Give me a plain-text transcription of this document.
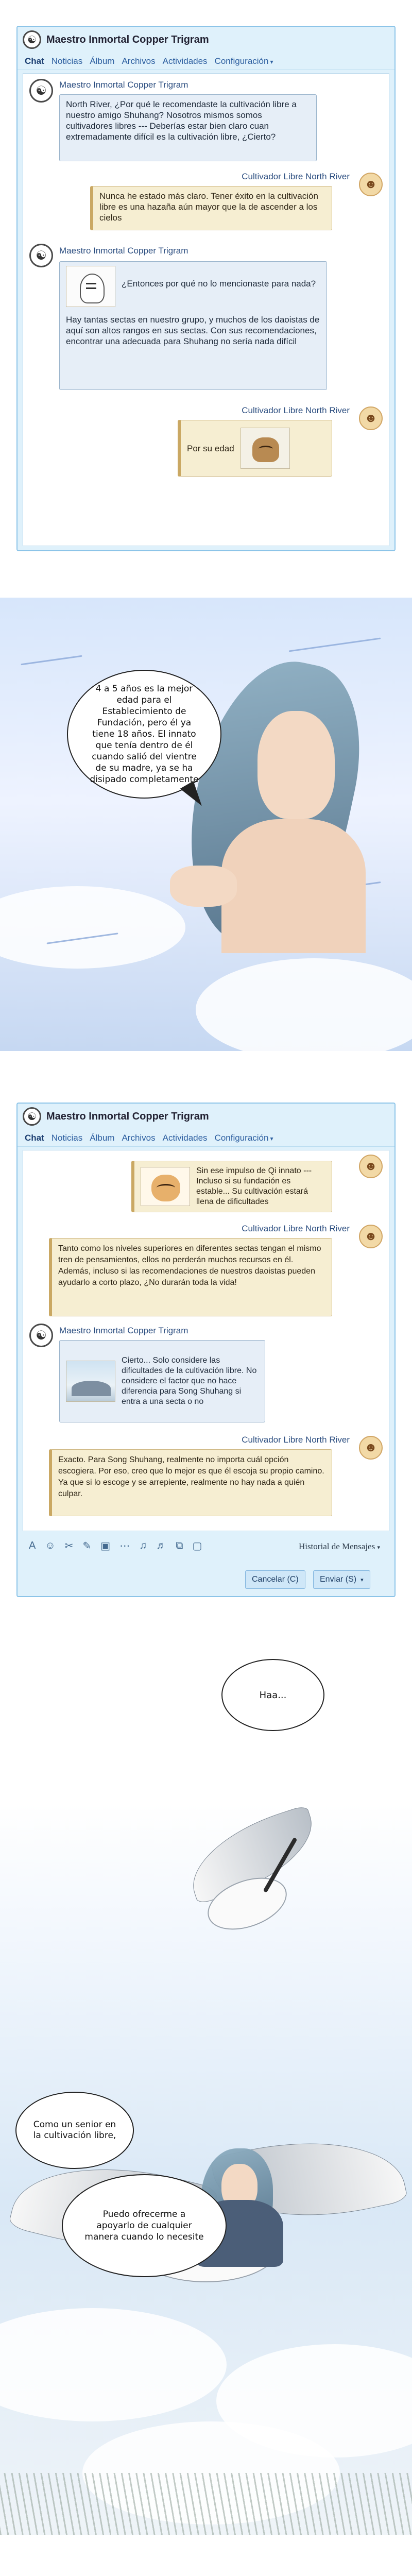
☯ Maestro Inmortal Copper Trigram
Chat Noticias Álbum Archivos Actividades Configuración ▾
☯	Maestro Inmortal Copper Trigram
North River, ¿Por qué le recomendaste la cultivación libre a nuestro amigo Shuhang? Nosotros mismos somos cultivadores libres --- Deberías estar bien claro cuan extremadamente difícil es la cultivación libre, ¿Cierto?
Cultivador Libre North River
☻
Nunca he estado más claro. Tener éxito en la cultivación libre es una hazaña aún mayor que la de ascender a los cielos
☯	Maestro Inmortal Copper Trigram
¿Entonces por qué no lo mencionaste para nada?
Hay tantas sectas en nuestro grupo, y muchos de los daoistas de aquí son altos rangos en sus sectas. Con sus recomendaciones, encontrar una adecuada para Shuhang no sería nada difícil
Cultivador Libre North River
☻
Por su edad
4 a 5 años es la mejor edad para el Establecimiento de Fundación, pero él ya tiene 18 años. El innato que tenía dentro de él cuando salió del vientre de su madre, ya se ha disipado completamente
☯ Maestro Inmortal Copper Trigram
Chat Noticias Álbum Archivos Actividades Configuración ▾
☻
Sin ese impulso de Qi innato --- Incluso si su fundación es estable... Su cultivación estará llena de dificultades
Cultivador Libre North River
☻
Tanto como los niveles superiores en diferentes sectas tengan el mismo tren de pensamientos, ellos no perderán muchos recursos en él. Además, incluso si las recomendaciones de nuestros daoistas pueden ayudarlo a corto plazo, ¿No durarán toda la vida!
☯	Maestro Inmortal Copper Trigram
Cierto... Solo considere las dificultades de la cultivación libre. No considere el factor que no hace diferencia para Song Shuhang si entra a una secta o no
Cultivador Libre North River
☻
Exacto. Para Song Shuhang, realmente no importa cuál opción escogiera. Por eso, creo que lo mejor es que él escoja su propio camino. Ya que si lo escoge y se arrepiente, realmente no hay nada a quién culpar.
A ☺ ✂ ✎ ▣ ⋯ ♫ ♬ ⧉ ▢	Historial de Mensajes ▾
Cancelar (C)	Enviar (S) ▾
Haa...
Como un senior en la cultivación libre,
Puedo ofrecerme a apoyarlo de cualquier manera cuando lo necesite
